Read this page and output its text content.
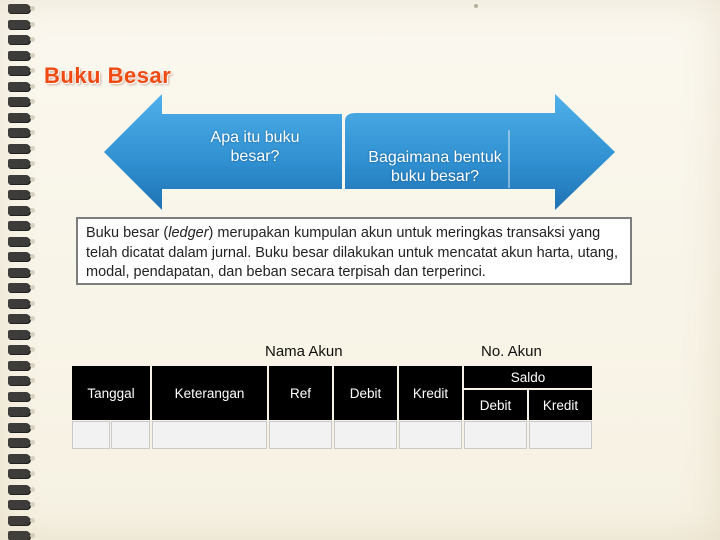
Buku Besar
Apa itu buku besar?	Bagaimana bentuk buku besar?
Buku besar (ledger) merupakan kumpulan akun untuk meringkas transaksi yang telah dicatat dalam jurnal. Buku besar dilakukan untuk mencatat akun harta, utang, modal, pendapatan, dan beban secara terpisah dan terperinci.
Nama Akun	No. Akun
Tanggal	Keterangan	Ref	Debit	Kredit
Saldo
Debit	Kredit
